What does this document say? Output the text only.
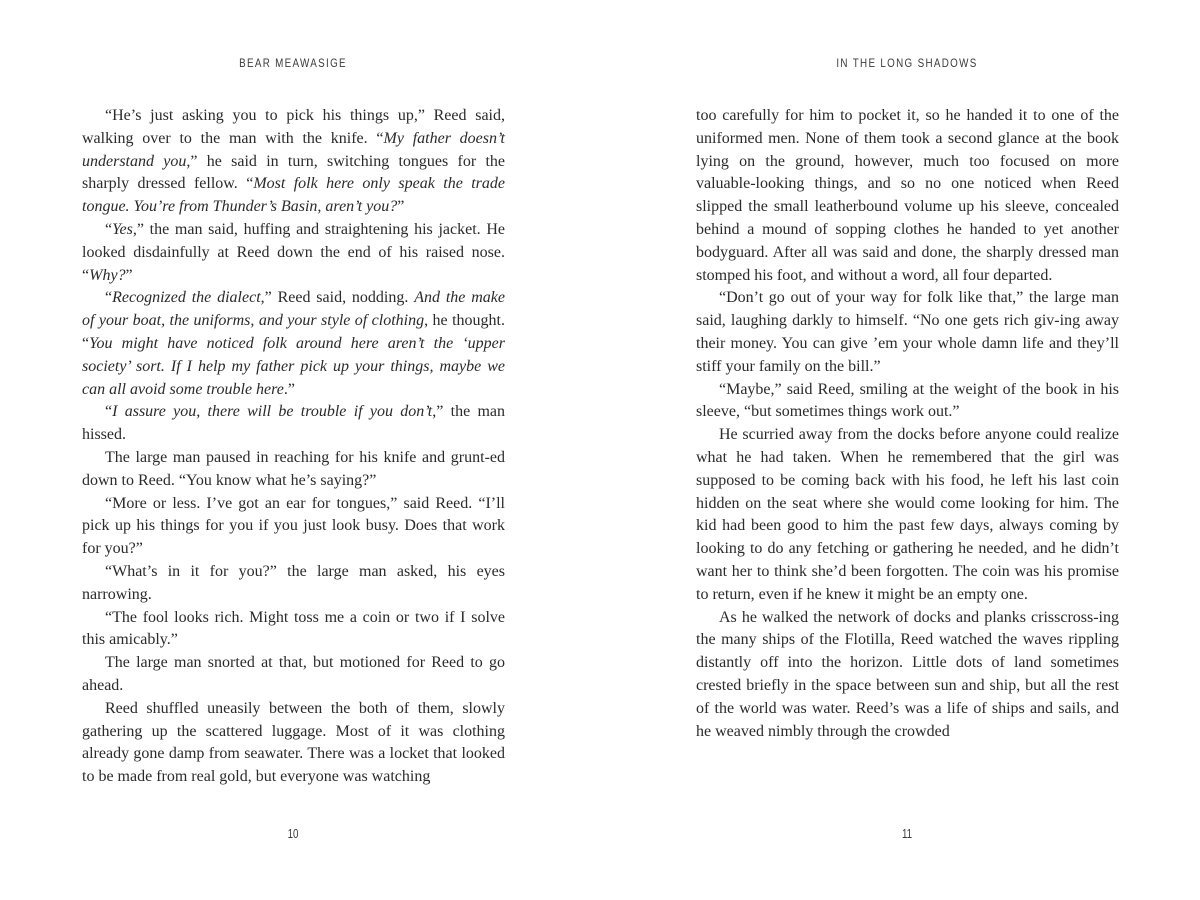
BEAR MEAWASIGE

“He’s just asking you to pick his things up,” Reed said, walking over to the man with the knife. “My father doesn’t understand you,” he said in turn, switching tongues for the sharply dressed fellow. “Most folk here only speak the trade tongue. You’re from Thunder’s Basin, aren’t you?”

“Yes,” the man said, huffing and straightening his jacket. He looked disdainfully at Reed down the end of his raised nose. “Why?”

“Recognized the dialect,” Reed said, nodding. And the make of your boat, the uniforms, and your style of clothing, he thought. “You might have noticed folk around here aren’t the ‘upper society’ sort. If I help my father pick up your things, maybe we can all avoid some trouble here.”

“I assure you, there will be trouble if you don’t,” the man hissed.

The large man paused in reaching for his knife and grunt-ed down to Reed. “You know what he’s saying?”

“More or less. I’ve got an ear for tongues,” said Reed. “I’ll pick up his things for you if you just look busy. Does that work for you?”

“What’s in it for you?” the large man asked, his eyes narrowing.

“The fool looks rich. Might toss me a coin or two if I solve this amicably.”

The large man snorted at that, but motioned for Reed to go ahead.

Reed shuffled uneasily between the both of them, slowly gathering up the scattered luggage. Most of it was clothing already gone damp from seawater. There was a locket that looked to be made from real gold, but everyone was watching

10
IN THE LONG SHADOWS

too carefully for him to pocket it, so he handed it to one of the uniformed men. None of them took a second glance at the book lying on the ground, however, much too focused on more valuable-looking things, and so no one noticed when Reed slipped the small leatherbound volume up his sleeve, concealed behind a mound of sopping clothes he handed to yet another bodyguard. After all was said and done, the sharply dressed man stomped his foot, and without a word, all four departed.

“Don’t go out of your way for folk like that,” the large man said, laughing darkly to himself. “No one gets rich giv-ing away their money. You can give ’em your whole damn life and they’ll stiff your family on the bill.”

“Maybe,” said Reed, smiling at the weight of the book in his sleeve, “but sometimes things work out.”

He scurried away from the docks before anyone could realize what he had taken. When he remembered that the girl was supposed to be coming back with his food, he left his last coin hidden on the seat where she would come looking for him. The kid had been good to him the past few days, always coming by looking to do any fetching or gathering he needed, and he didn’t want her to think she’d been forgotten. The coin was his promise to return, even if he knew it might be an empty one.

As he walked the network of docks and planks crisscross-ing the many ships of the Flotilla, Reed watched the waves rippling distantly off into the horizon. Little dots of land sometimes crested briefly in the space between sun and ship, but all the rest of the world was water. Reed’s was a life of ships and sails, and he weaved nimbly through the crowded

11
